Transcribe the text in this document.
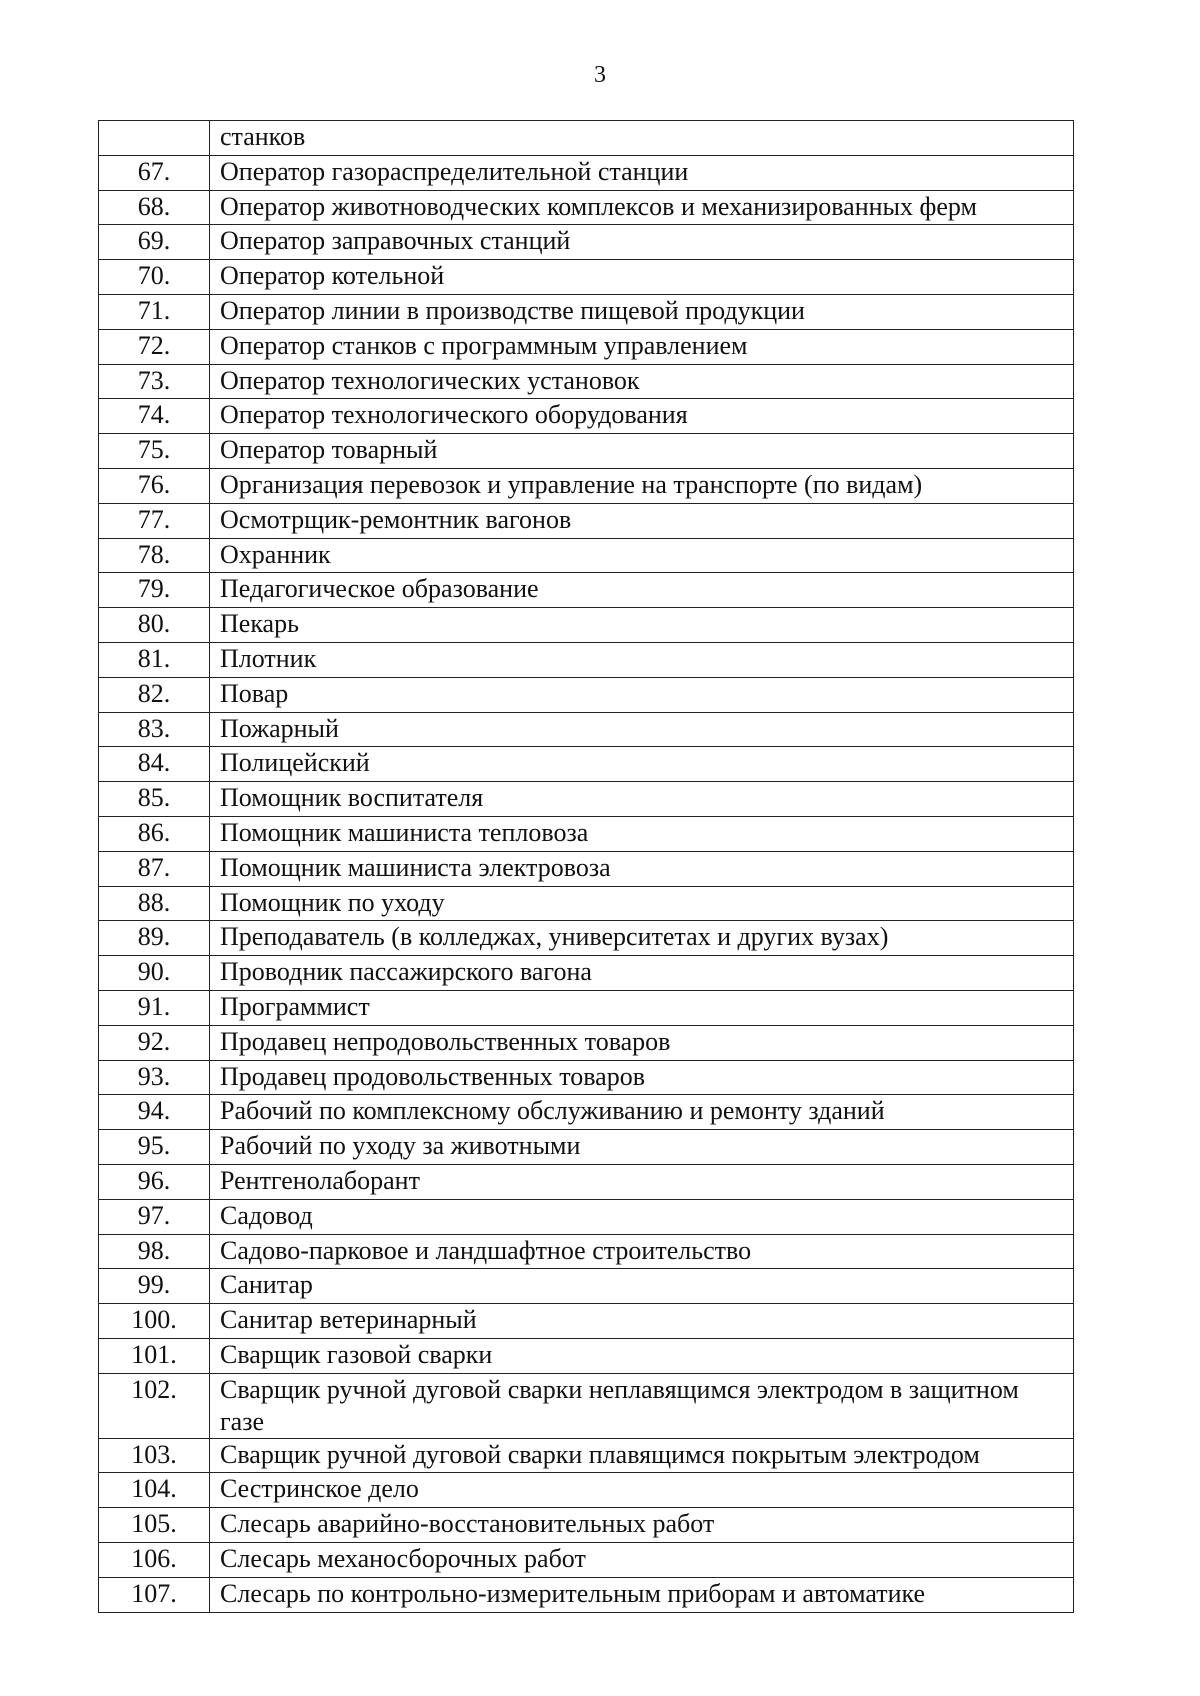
3
	станков
67.	Оператор газораспределительной станции
68.	Оператор животноводческих комплексов и механизированных ферм
69.	Оператор заправочных станций
70.	Оператор котельной
71.	Оператор линии в производстве пищевой продукции
72.	Оператор станков с программным управлением
73.	Оператор технологических установок
74.	Оператор технологического оборудования
75.	Оператор товарный
76.	Организация перевозок и управление на транспорте (по видам)
77.	Осмотрщик-ремонтник вагонов
78.	Охранник
79.	Педагогическое образование
80.	Пекарь
81.	Плотник
82.	Повар
83.	Пожарный
84.	Полицейский
85.	Помощник воспитателя
86.	Помощник машиниста тепловоза
87.	Помощник машиниста электровоза
88.	Помощник по уходу
89.	Преподаватель (в колледжах, университетах и других вузах)
90.	Проводник пассажирского вагона
91.	Программист
92.	Продавец непродовольственных товаров
93.	Продавец продовольственных товаров
94.	Рабочий по комплексному обслуживанию и ремонту зданий
95.	Рабочий по уходу за животными
96.	Рентгенолаборант
97.	Садовод
98.	Садово-парковое и ландшафтное строительство
99.	Санитар
100.	Санитар ветеринарный
101.	Сварщик газовой сварки
102.	Сварщик ручной дуговой сварки неплавящимся электродом в защитном газе
103.	Сварщик ручной дуговой сварки плавящимся покрытым электродом
104.	Сестринское дело
105.	Слесарь аварийно-восстановительных работ
106.	Слесарь механосборочных работ
107.	Слесарь по контрольно-измерительным приборам и автоматике
